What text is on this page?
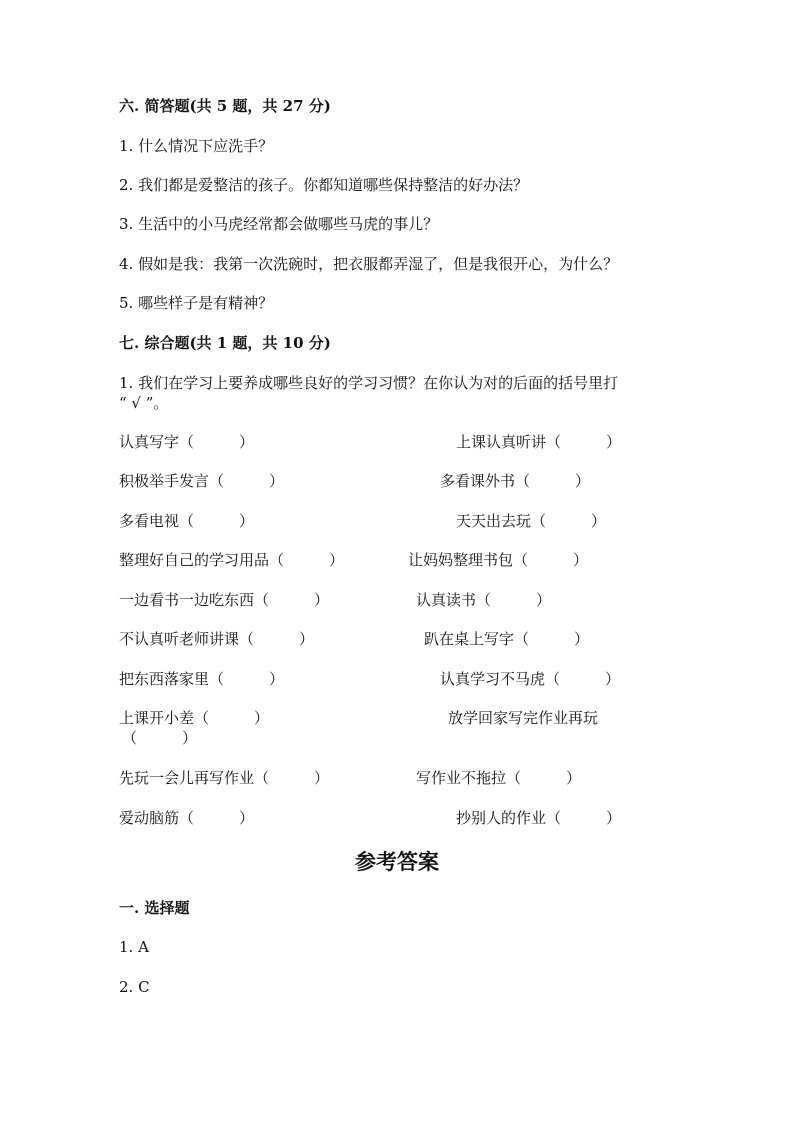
六. 简答题(共 5 题，共 27 分)
1. 什么情况下应洗手？
2. 我们都是爱整洁的孩子。你都知道哪些保持整洁的好办法？
3. 生活中的小马虎经常都会做哪些马虎的事儿？
4. 假如是我：我第一次洗碗时，把衣服都弄湿了，但是我很开心，为什么？
5. 哪些样子是有精神？
七. 综合题(共 1 题，共 10 分)
1. 我们在学习上要养成哪些良好的学习习惯？在你认为对的后面的括号里打
“ √ ”。
认真写字（　　　）	上课认真听讲（　　　）
积极举手发言（　　　）	多看课外书（　　　）
多看电视（　　　）	天天出去玩（　　　）
整理好自己的学习用品（　　　）	让妈妈整理书包（　　　）
一边看书一边吃东西（　　　）	认真读书（　　　）
不认真听老师讲课（　　　）	趴在桌上写字（　　　）
把东西落家里（　　　）	认真学习不马虎（　　　）
上课开小差（　　　）	放学回家写完作业再玩
（　　　）
先玩一会儿再写作业（　　　）	写作业不拖拉（　　　）
爱动脑筋（　　　）	抄别人的作业（　　　）
参考答案
一. 选择题
1. A
2. C
